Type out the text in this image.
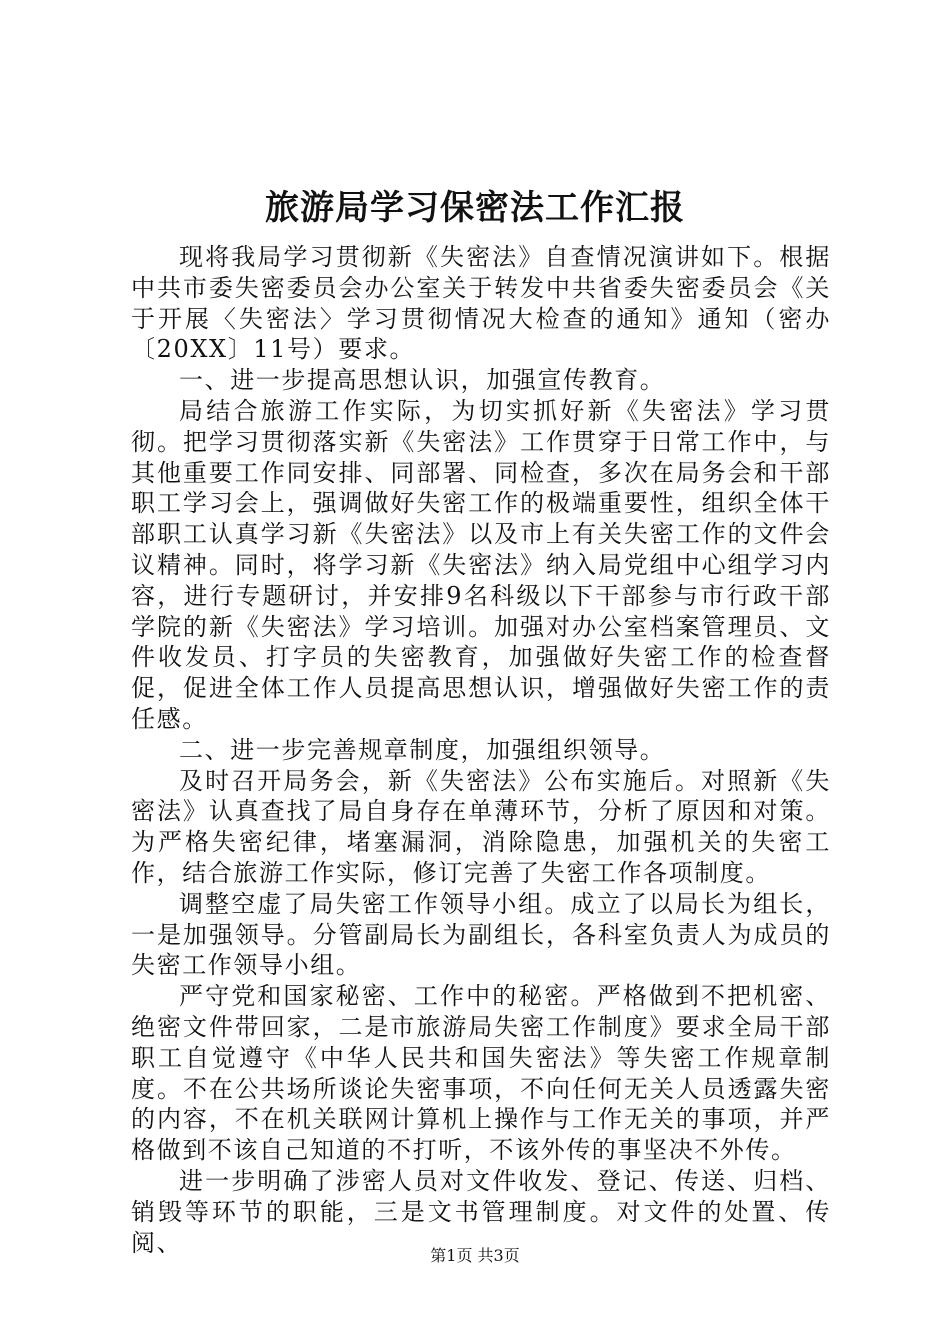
旅游局学习保密法工作汇报

现将我局学习贯彻新《失密法》自查情况演讲如下。根据中共市委失密委员会办公室关于转发中共省委失密委员会《关于开展〈失密法〉学习贯彻情况大检查的通知》通知（密办〔20XX〕11号）要求。

一、进一步提高思想认识，加强宣传教育。

局结合旅游工作实际，为切实抓好新《失密法》学习贯彻。把学习贯彻落实新《失密法》工作贯穿于日常工作中，与其他重要工作同安排、同部署、同检查，多次在局务会和干部职工学习会上，强调做好失密工作的极端重要性，组织全体干部职工认真学习新《失密法》以及市上有关失密工作的文件会议精神。同时，将学习新《失密法》纳入局党组中心组学习内容，进行专题研讨，并安排9名科级以下干部参与市行政干部学院的新《失密法》学习培训。加强对办公室档案管理员、文件收发员、打字员的失密教育，加强做好失密工作的检查督促，促进全体工作人员提高思想认识，增强做好失密工作的责任感。

二、进一步完善规章制度，加强组织领导。

及时召开局务会，新《失密法》公布实施后。对照新《失密法》认真查找了局自身存在单薄环节，分析了原因和对策。为严格失密纪律，堵塞漏洞，消除隐患，加强机关的失密工作，结合旅游工作实际，修订完善了失密工作各项制度。

调整空虚了局失密工作领导小组。成立了以局长为组长，一是加强领导。分管副局长为副组长，各科室负责人为成员的失密工作领导小组。

严守党和国家秘密、工作中的秘密。严格做到不把机密、绝密文件带回家，二是市旅游局失密工作制度》要求全局干部职工自觉遵守《中华人民共和国失密法》等失密工作规章制度。不在公共场所谈论失密事项，不向任何无关人员透露失密的内容，不在机关联网计算机上操作与工作无关的事项，并严格做到不该自己知道的不打听，不该外传的事坚决不外传。

进一步明确了涉密人员对文件收发、登记、传送、归档、销毁等环节的职能，三是文书管理制度。对文件的处置、传阅、	第1页 共3页
